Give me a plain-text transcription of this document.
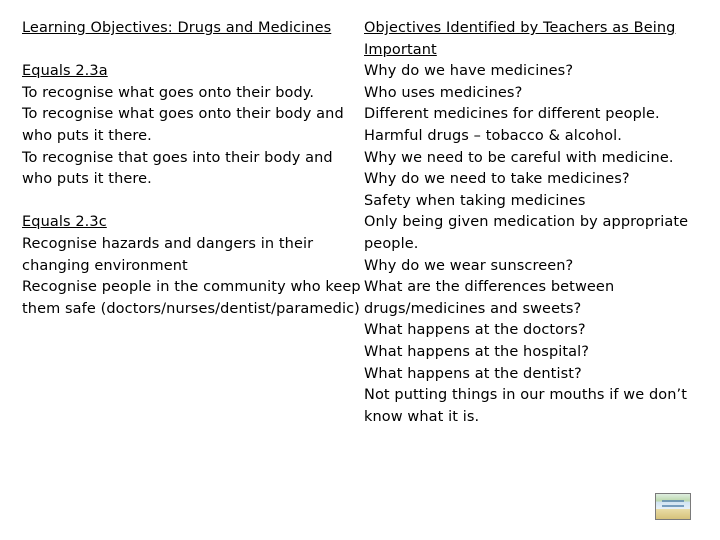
Learning Objectives: Drugs and Medicines
Equals 2.3a
To recognise what goes onto their body.
To recognise what goes onto their body and
who puts it there.
To recognise that goes into their body and
who puts it there.
Equals 2.3c
Recognise hazards and dangers in their
changing environment
Recognise people in the community who keep
them safe (doctors/nurses/dentist/paramedic)
Objectives Identified by Teachers as Being
Important
Why do we have medicines?
Who uses medicines?
Different medicines for different people.
Harmful drugs – tobacco & alcohol.
Why we need to be careful with medicine.
Why do we need to take medicines?
Safety when taking medicines
Only being given medication by appropriate
people.
Why do we wear sunscreen?
What are the differences between
drugs/medicines and sweets?
What happens at the doctors?
What happens at the hospital?
What happens at the dentist?
Not putting things in our mouths if we don’t
know what it is.
